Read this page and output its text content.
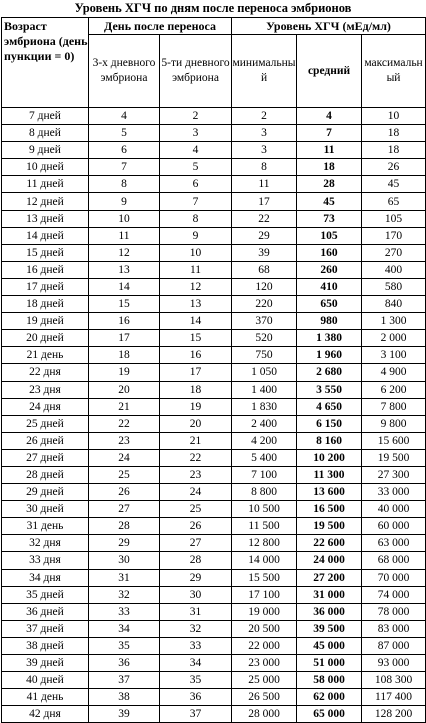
Уровень ХГЧ по дням после переноса эмбрионов
Возраст эмбриона (день пункции = 0)	День после переноса		Уровень ХГЧ (мЕд/мл)		
	3-х дневного эмбриона	5-ти дневного эмбриона	минимальный	средний	максимальный
7 дней	4	2	2	4	10
8 дней	5	3	3	7	18
9 дней	6	4	3	11	18
10 дней	7	5	8	18	26
11 дней	8	6	11	28	45
12 дней	9	7	17	45	65
13 дней	10	8	22	73	105
14 дней	11	9	29	105	170
15 дней	12	10	39	160	270
16 дней	13	11	68	260	400
17 дней	14	12	120	410	580
18 дней	15	13	220	650	840
19 дней	16	14	370	980	1 300
20 дней	17	15	520	1 380	2 000
21 день	18	16	750	1 960	3 100
22 дня	19	17	1 050	2 680	4 900
23 дня	20	18	1 400	3 550	6 200
24 дня	21	19	1 830	4 650	7 800
25 дней	22	20	2 400	6 150	9 800
26 дней	23	21	4 200	8 160	15 600
27 дней	24	22	5 400	10 200	19 500
28 дней	25	23	7 100	11 300	27 300
29 дней	26	24	8 800	13 600	33 000
30 дней	27	25	10 500	16 500	40 000
31 день	28	26	11 500	19 500	60 000
32 дня	29	27	12 800	22 600	63 000
33 дня	30	28	14 000	24 000	68 000
34 дня	31	29	15 500	27 200	70 000
35 дней	32	30	17 100	31 000	74 000
36 дней	33	31	19 000	36 000	78 000
37 дней	34	32	20 500	39 500	83 000
38 дней	35	33	22 000	45 000	87 000
39 дней	36	34	23 000	51 000	93 000
40 дней	37	35	25 000	58 000	108 300
41 день	38	36	26 500	62 000	117 400
42 дня	39	37	28 000	65 000	128 200
